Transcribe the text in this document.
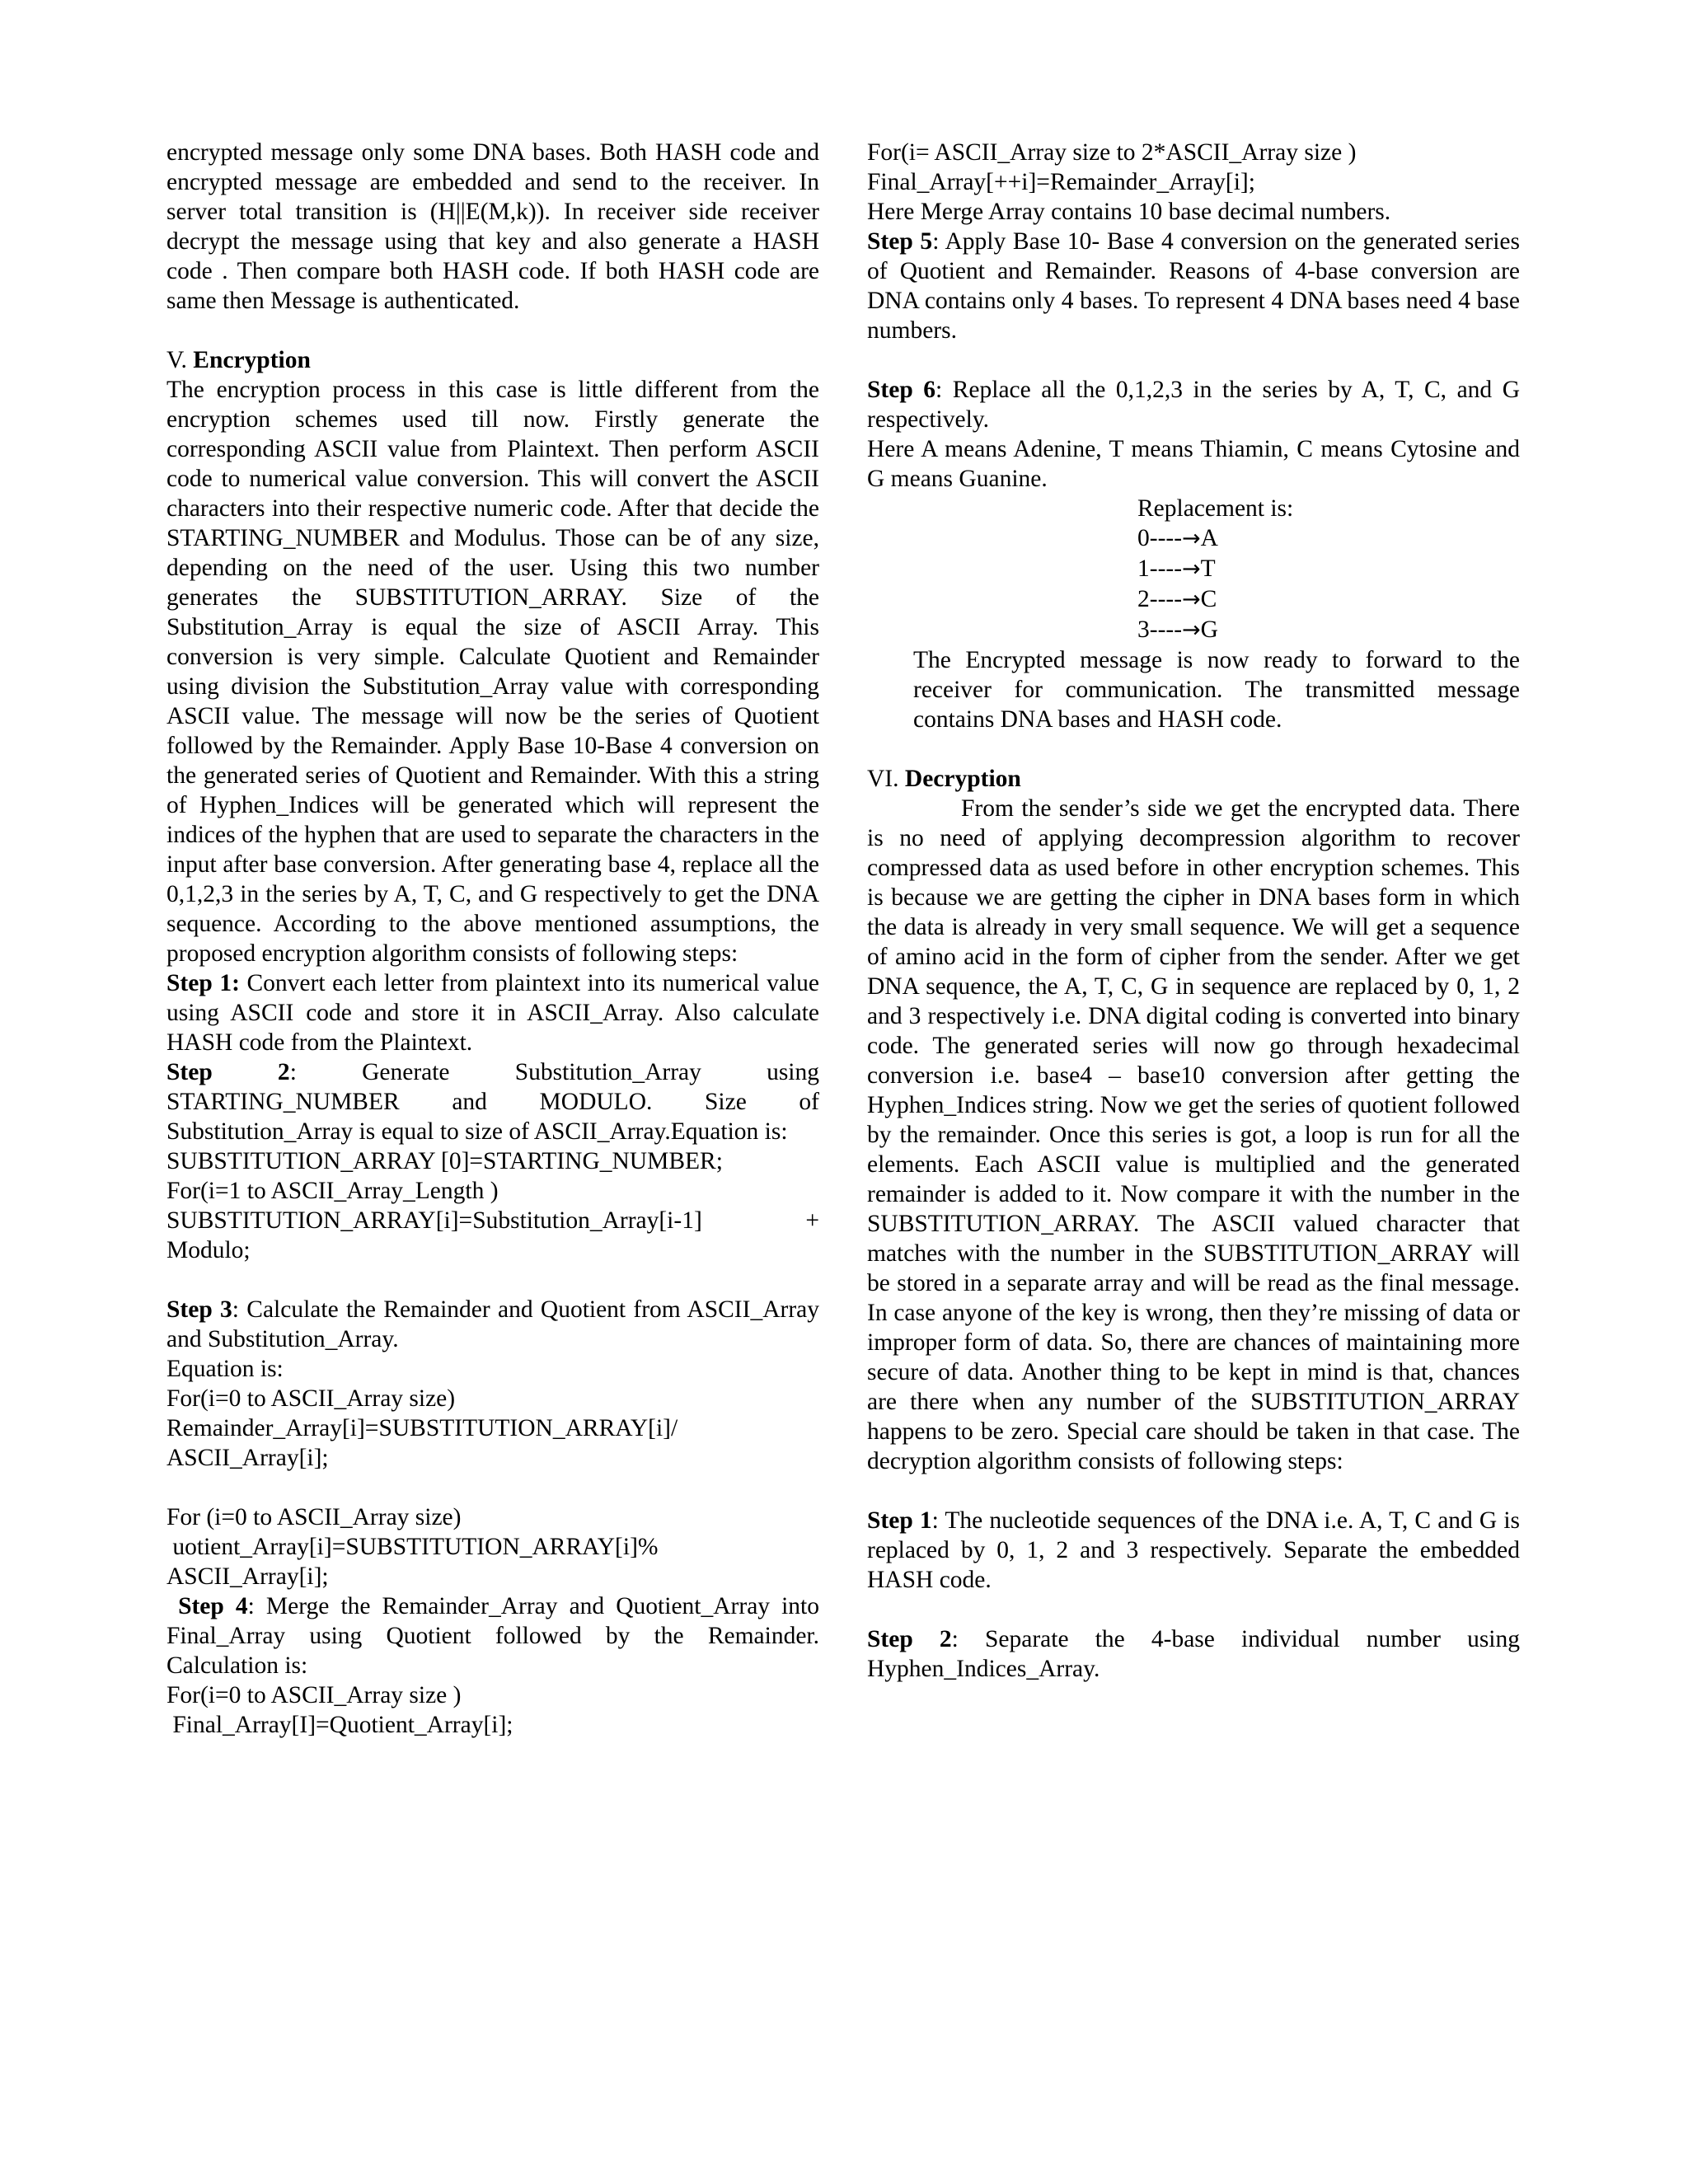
encrypted message only some DNA bases. Both HASH code and encrypted message are embedded and send to the receiver. In server total transition is (H||E(M,k)). In receiver side receiver decrypt the message using that key and also generate a HASH code . Then compare both HASH code. If both HASH code are same then Message is authenticated.

V. Encryption

The encryption process in this case is little different from the encryption schemes used till now. Firstly generate the corresponding ASCII value from Plaintext. Then perform ASCII code to numerical value conversion. This will convert the ASCII characters into their respective numeric code. After that decide the STARTING_NUMBER and Modulus. Those can be of any size, depending on the need of the user. Using this two number generates the SUBSTITUTION_ARRAY. Size of the Substitution_Array is equal the size of ASCII Array. This conversion is very simple. Calculate Quotient and Remainder using division the Substitution_Array value with corresponding ASCII value. The message will now be the series of Quotient followed by the Remainder. Apply Base 10-Base 4 conversion on the generated series of Quotient and Remainder. With this a string of Hyphen_Indices will be generated which will represent the indices of the hyphen that are used to separate the characters in the input after base conversion. After generating base 4, replace all the 0,1,2,3 in the series by A, T, C, and G respectively to get the DNA sequence. According to the above mentioned assumptions, the proposed encryption algorithm consists of following steps:

Step 1: Convert each letter from plaintext into its numerical value using ASCII code and store it in ASCII_Array. Also calculate HASH code from the Plaintext.

Step 2: Generate Substitution_Array using STARTING_NUMBER and MODULO. Size of Substitution_Array is equal to size of ASCII_Array.Equation is:

SUBSTITUTION_ARRAY [0]=STARTING_NUMBER;

For(i=1 to ASCII_Array_Length )

SUBSTITUTION_ARRAY[i]=Substitution_Array[i-1]	+

Modulo;

Step 3: Calculate the Remainder and Quotient from ASCII_Array and Substitution_Array.

Equation is:

For(i=0 to ASCII_Array size)

Remainder_Array[i]=SUBSTITUTION_ARRAY[i]/

ASCII_Array[i];

For (i=0 to ASCII_Array size)

uotient_Array[i]=SUBSTITUTION_ARRAY[i]%

ASCII_Array[i];

Step 4: Merge the Remainder_Array and Quotient_Array into Final_Array using Quotient followed by the Remainder. Calculation is:

For(i=0 to ASCII_Array size )

Final_Array[I]=Quotient_Array[i];

For(i= ASCII_Array size to 2*ASCII_Array size )

Final_Array[++i]=Remainder_Array[i];

Here Merge Array contains 10 base decimal numbers.

Step 5: Apply Base 10- Base 4 conversion on the generated series of Quotient and Remainder. Reasons of 4-base conversion are DNA contains only 4 bases. To represent 4 DNA bases need 4 base numbers.

Step 6: Replace all the 0,1,2,3 in the series by A, T, C, and G respectively.

Here A means Adenine, T means Thiamin, C means Cytosine and G means Guanine.

Replacement is:

0----→A

1----→T

2----→C

3----→G

The Encrypted message is now ready to forward to the receiver for communication. The transmitted message contains DNA bases and HASH code.

VI. Decryption

From the sender’s side we get the encrypted data. There is no need of applying decompression algorithm to recover compressed data as used before in other encryption schemes. This is because we are getting the cipher in DNA bases form in which the data is already in very small sequence. We will get a sequence of amino acid in the form of cipher from the sender. After we get DNA sequence, the A, T, C, G in sequence are replaced by 0, 1, 2 and 3 respectively i.e. DNA digital coding is converted into binary code. The generated series will now go through hexadecimal conversion i.e. base4 – base10 conversion after getting the Hyphen_Indices string. Now we get the series of quotient followed by the remainder. Once this series is got, a loop is run for all the elements. Each ASCII value is multiplied and the generated remainder is added to it. Now compare it with the number in the SUBSTITUTION_ARRAY. The ASCII valued character that matches with the number in the SUBSTITUTION_ARRAY will be stored in a separate array and will be read as the final message. In case anyone of the key is wrong, then they’re missing of data or improper form of data. So, there are chances of maintaining more secure of data. Another thing to be kept in mind is that, chances are there when any number of the SUBSTITUTION_ARRAY happens to be zero. Special care should be taken in that case. The decryption algorithm consists of following steps:

Step 1: The nucleotide sequences of the DNA i.e. A, T, C and G is replaced by 0, 1, 2 and 3 respectively. Separate the embedded HASH code.

Step 2: Separate the 4-base individual number using Hyphen_Indices_Array.
